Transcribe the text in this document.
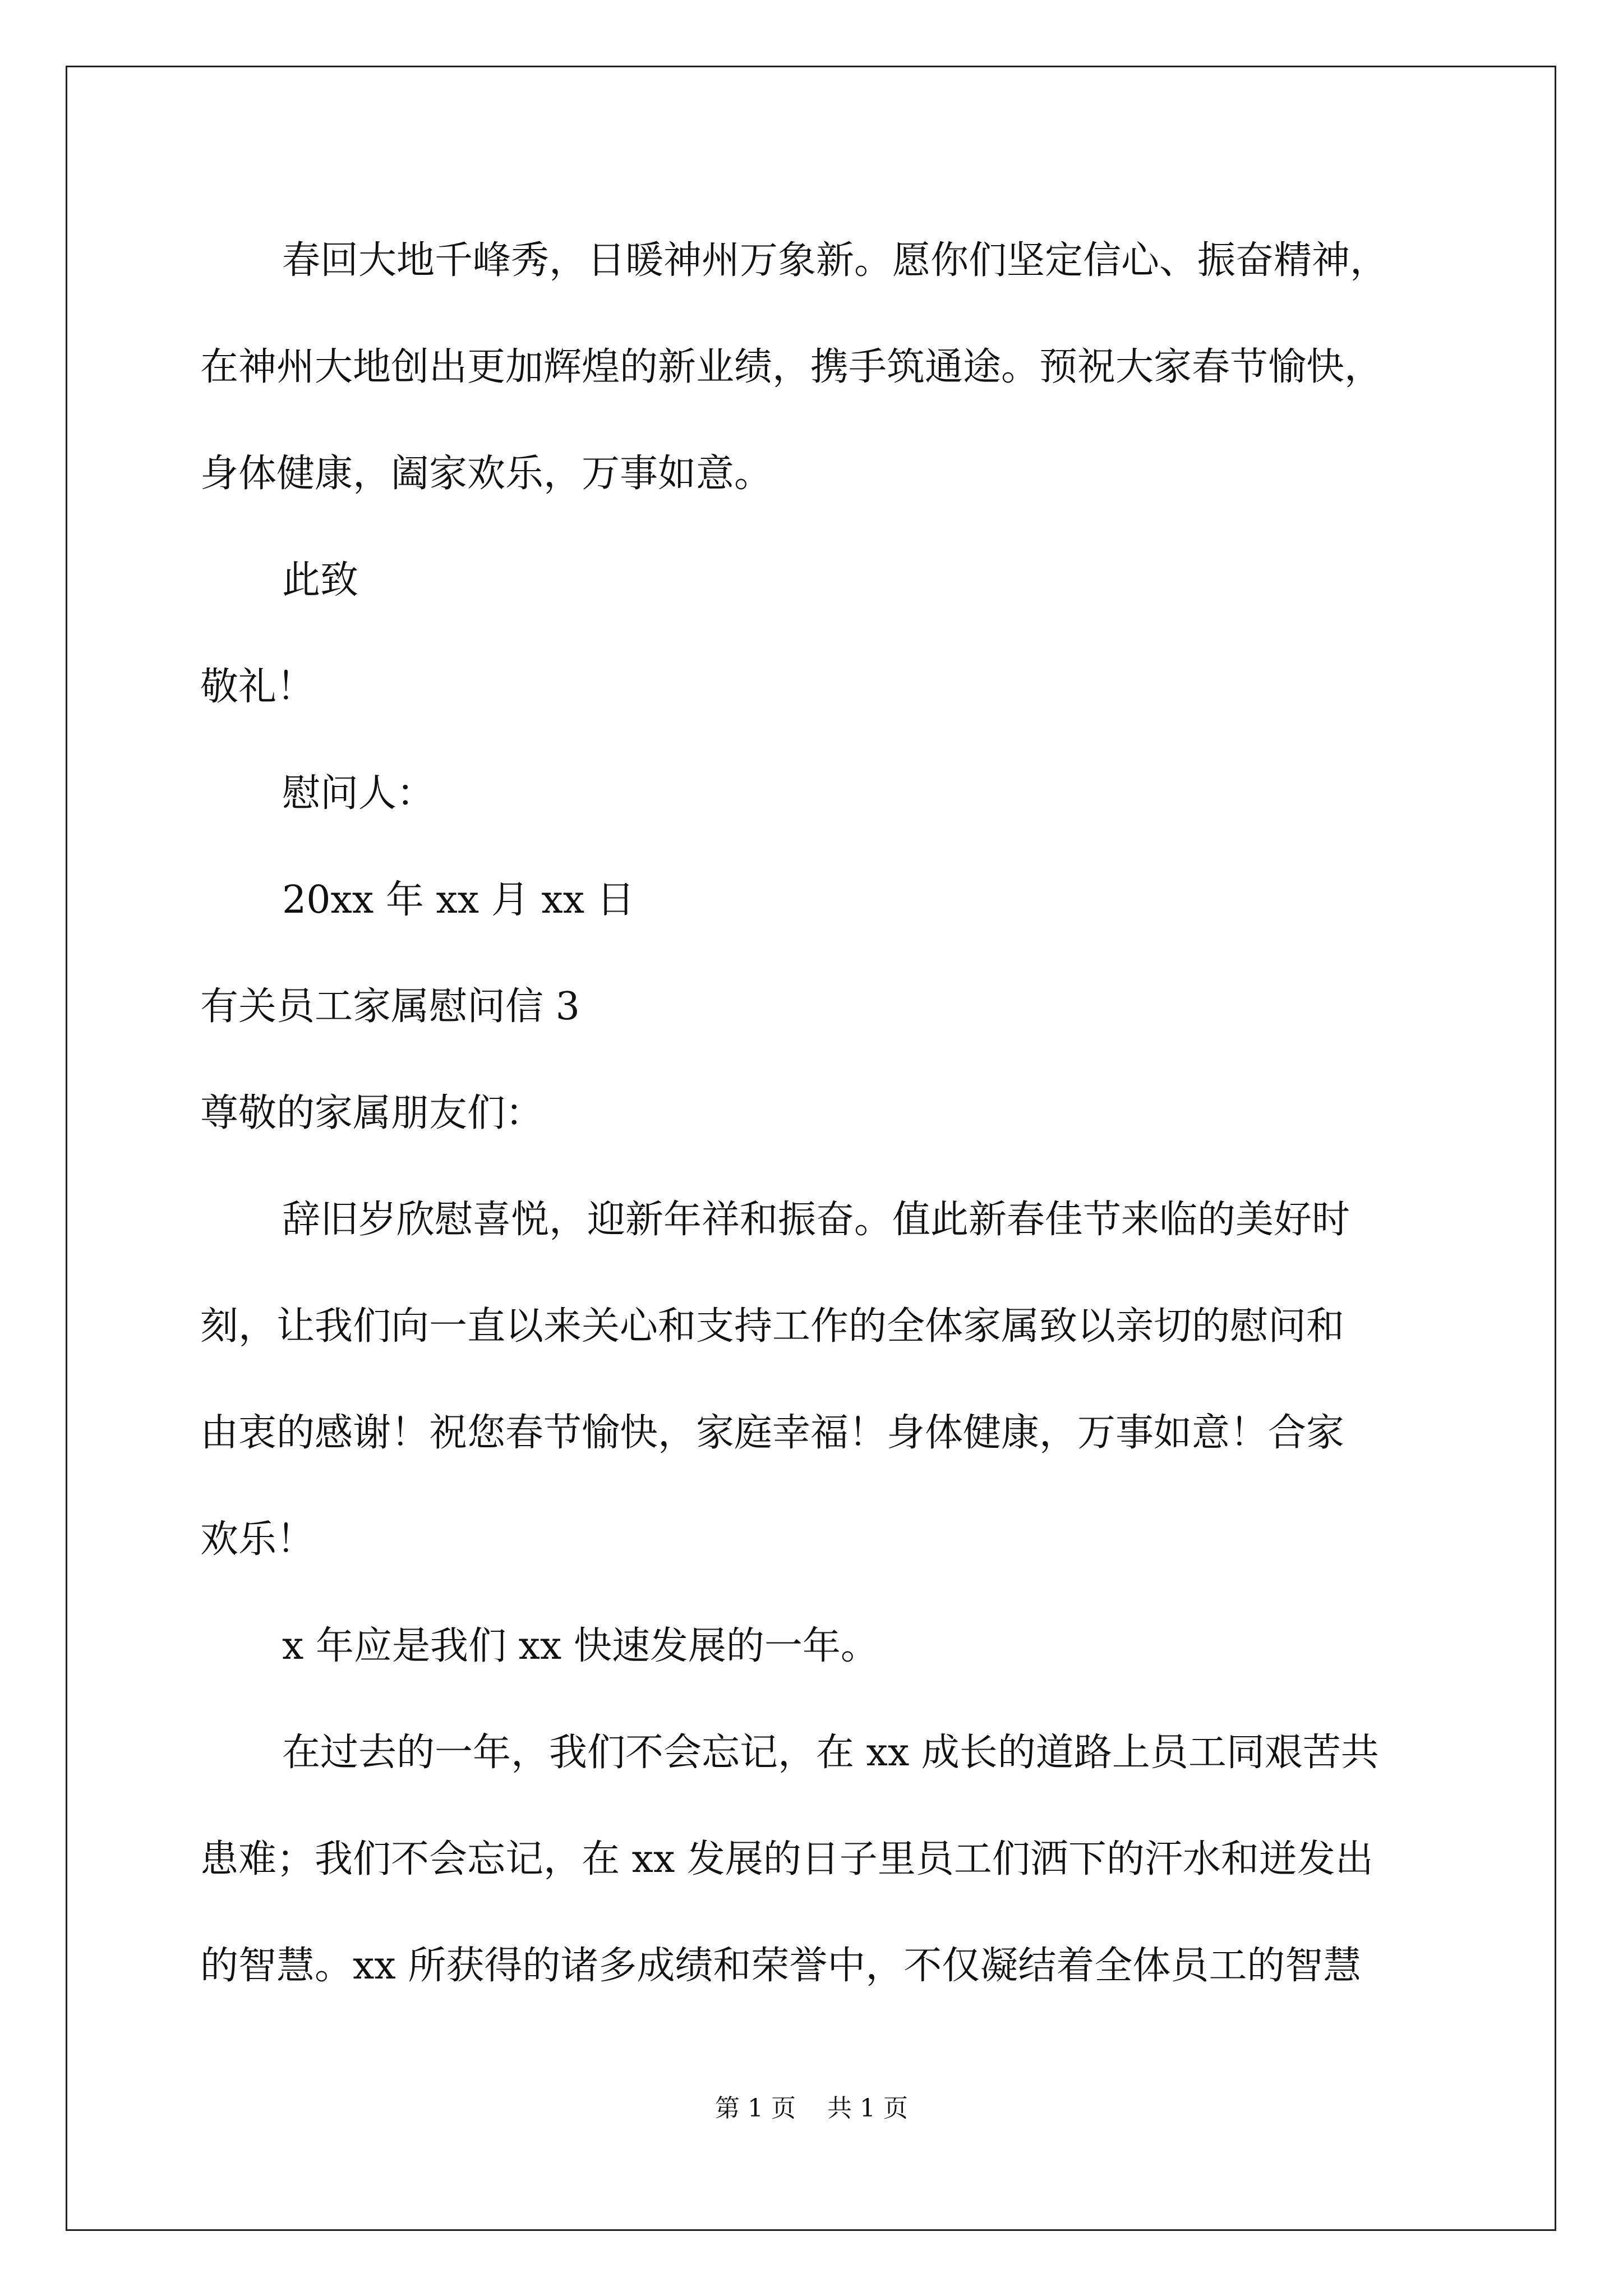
春回大地千峰秀，日暖神州万象新。愿你们坚定信心、振奋精神，
在神州大地创出更加辉煌的新业绩，携手筑通途。预祝大家春节愉快，
身体健康，阖家欢乐，万事如意。
此致
敬礼！
慰问人：
20xx 年 xx 月 xx 日
有关员工家属慰问信 3
尊敬的家属朋友们：
辞旧岁欣慰喜悦，迎新年祥和振奋。值此新春佳节来临的美好时
刻，让我们向一直以来关心和支持工作的全体家属致以亲切的慰问和
由衷的感谢！祝您春节愉快，家庭幸福！身体健康，万事如意！合家
欢乐！
x 年应是我们 xx 快速发展的一年。
在过去的一年，我们不会忘记，在 xx 成长的道路上员工同艰苦共
患难；我们不会忘记，在 xx 发展的日子里员工们洒下的汗水和迸发出
的智慧。xx 所获得的诸多成绩和荣誉中，不仅凝结着全体员工的智慧
第 1 页 共 1 页
